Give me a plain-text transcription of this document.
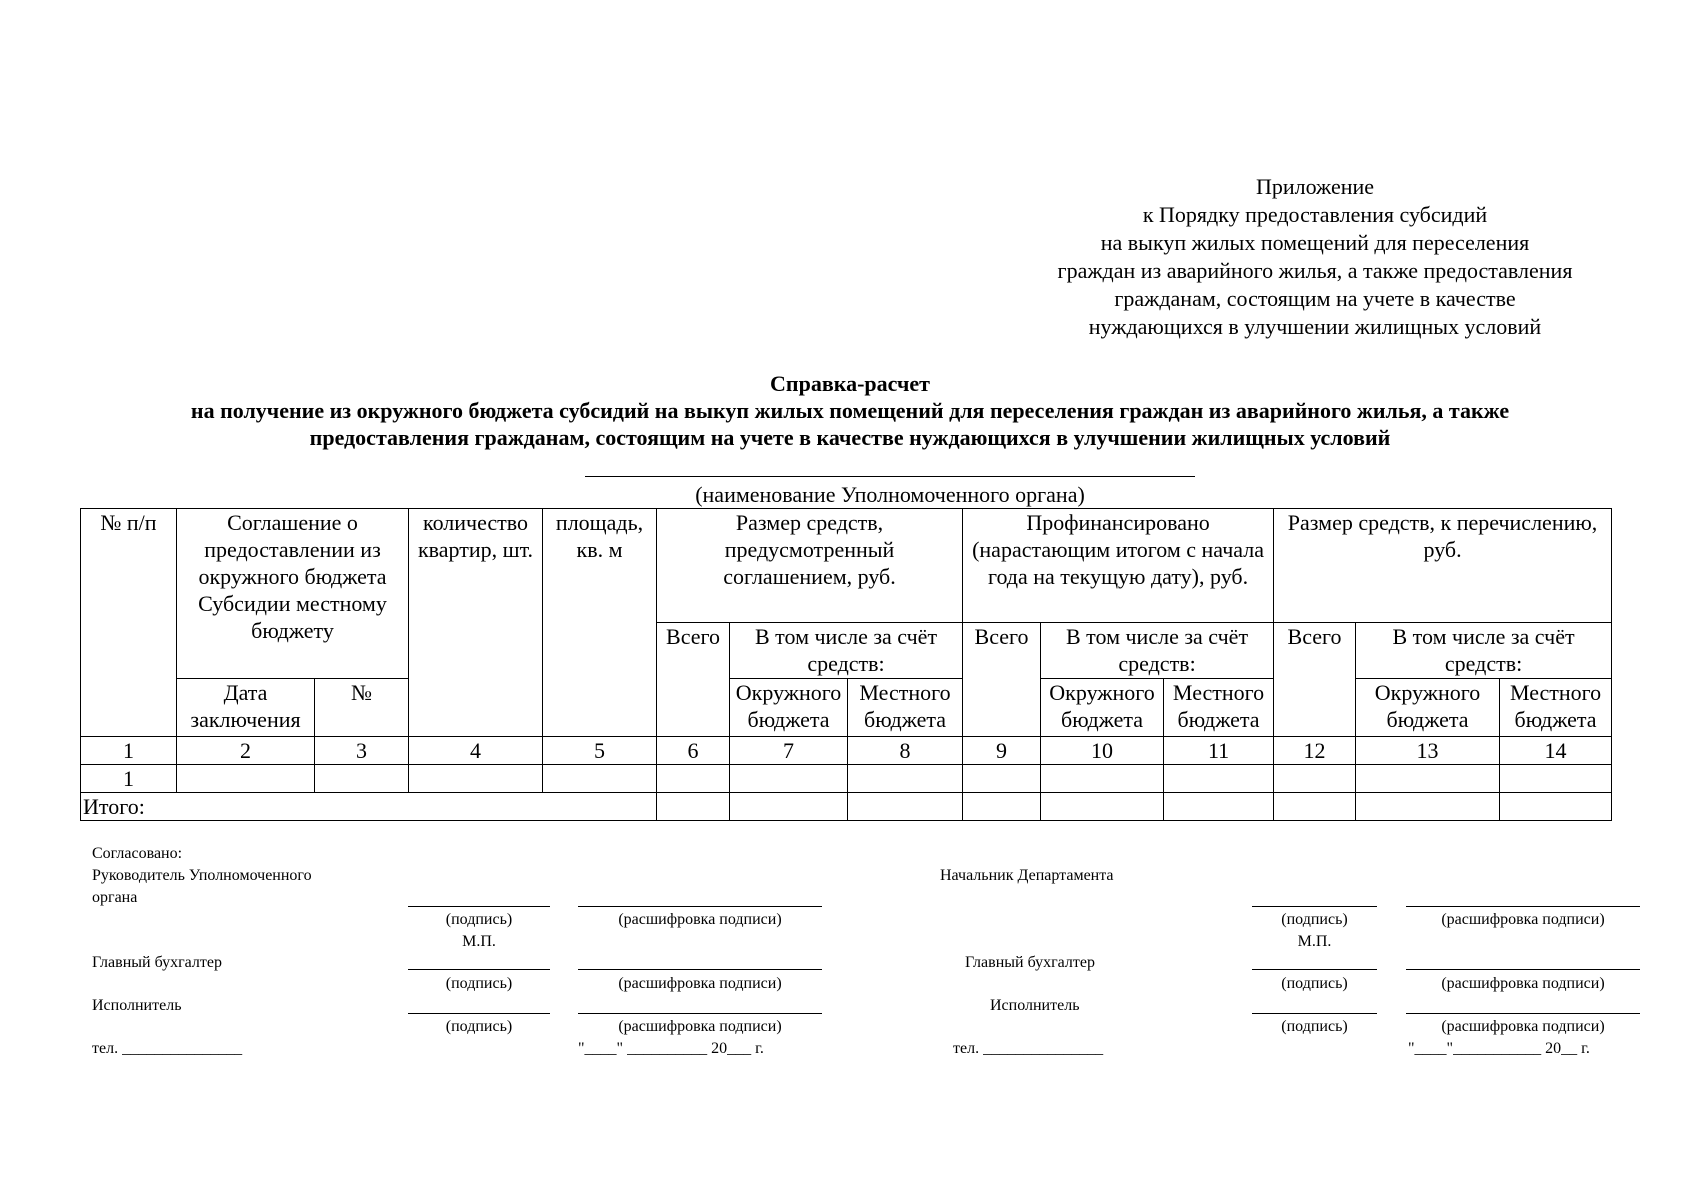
Приложение
к Порядку предоставления субсидий
на выкуп жилых помещений для переселения
граждан из аварийного жилья, а также предоставления
гражданам, состоящим на учете в качестве
нуждающихся в улучшении жилищных условий
Справка-расчет
на получение из окружного бюджета субсидий на выкуп жилых помещений для переселения граждан из аварийного жилья, а также
предоставления гражданам, состоящим на учете в качестве нуждающихся в улучшении жилищных условий
(наименование Уполномоченного органа)
№ п/п	Соглашение о предоставлении из окружного бюджета Субсидии местному бюджету		количество квартир, шт.	площадь, кв. м	Размер средств, предусмотренный соглашением, руб.			Профинансировано (нарастающим итогом с начала года на текущую дату), руб.			Размер средств, к перечислению, руб.		
					Всего	В том числе за счёт средств:		Всего	В том числе за счёт средств:		Всего	В том числе за счёт средств:	
	Дата заключения	№				Окружного бюджета	Местного бюджета		Окружного бюджета	Местного бюджета		Окружного бюджета	Местного бюджета
1	2	3	4	5	6	7	8	9	10	11	12	13	14
1													
Итого:													
Согласовано:
Руководитель Уполномоченного
органа
(подпись)	(расшифровка подписи)
М.П.
Главный бухгалтер
(подпись)	(расшифровка подписи)
Исполнитель
(подпись)	(расшифровка подписи)
тел. _______________	"____" __________ 20___ г.
Начальник Департамента
(подпись)	(расшифровка подписи)
М.П.
Главный бухгалтер
(подпись)	(расшифровка подписи)
Исполнитель
(подпись)	(расшифровка подписи)
тел. _______________	"____"___________ 20__ г.
